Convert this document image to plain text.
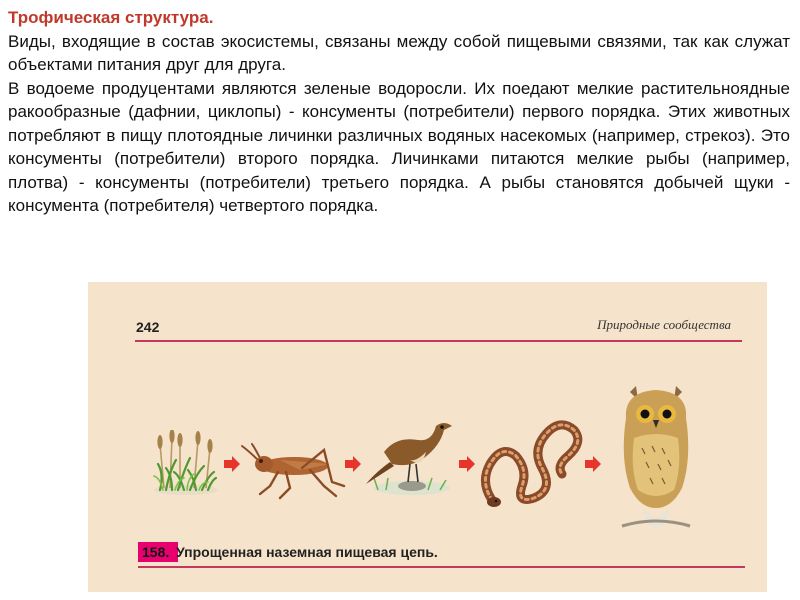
Трофическая структура.
Виды, входящие в состав экосистемы, связаны между собой пищевыми связями, так как служат объектами питания друг для друга.
В водоеме продуцентами являются зеленые водоросли. Их поедают мелкие растительноядные ракообразные (дафнии, циклопы) - консументы (потребители) первого порядка. Этих животных потребляют в пищу плотоядные личинки различных водяных насекомых (например, стрекоз). Это консументы (потребители) второго порядка. Личинками питаются мелкие рыбы (например, плотва) - консументы (потребители) третьего порядка. А рыбы становятся добычей щуки - консумента (потребителя) четвертого порядка.
242	Природные сообщества
158. Упрощенная наземная пищевая цепь.
